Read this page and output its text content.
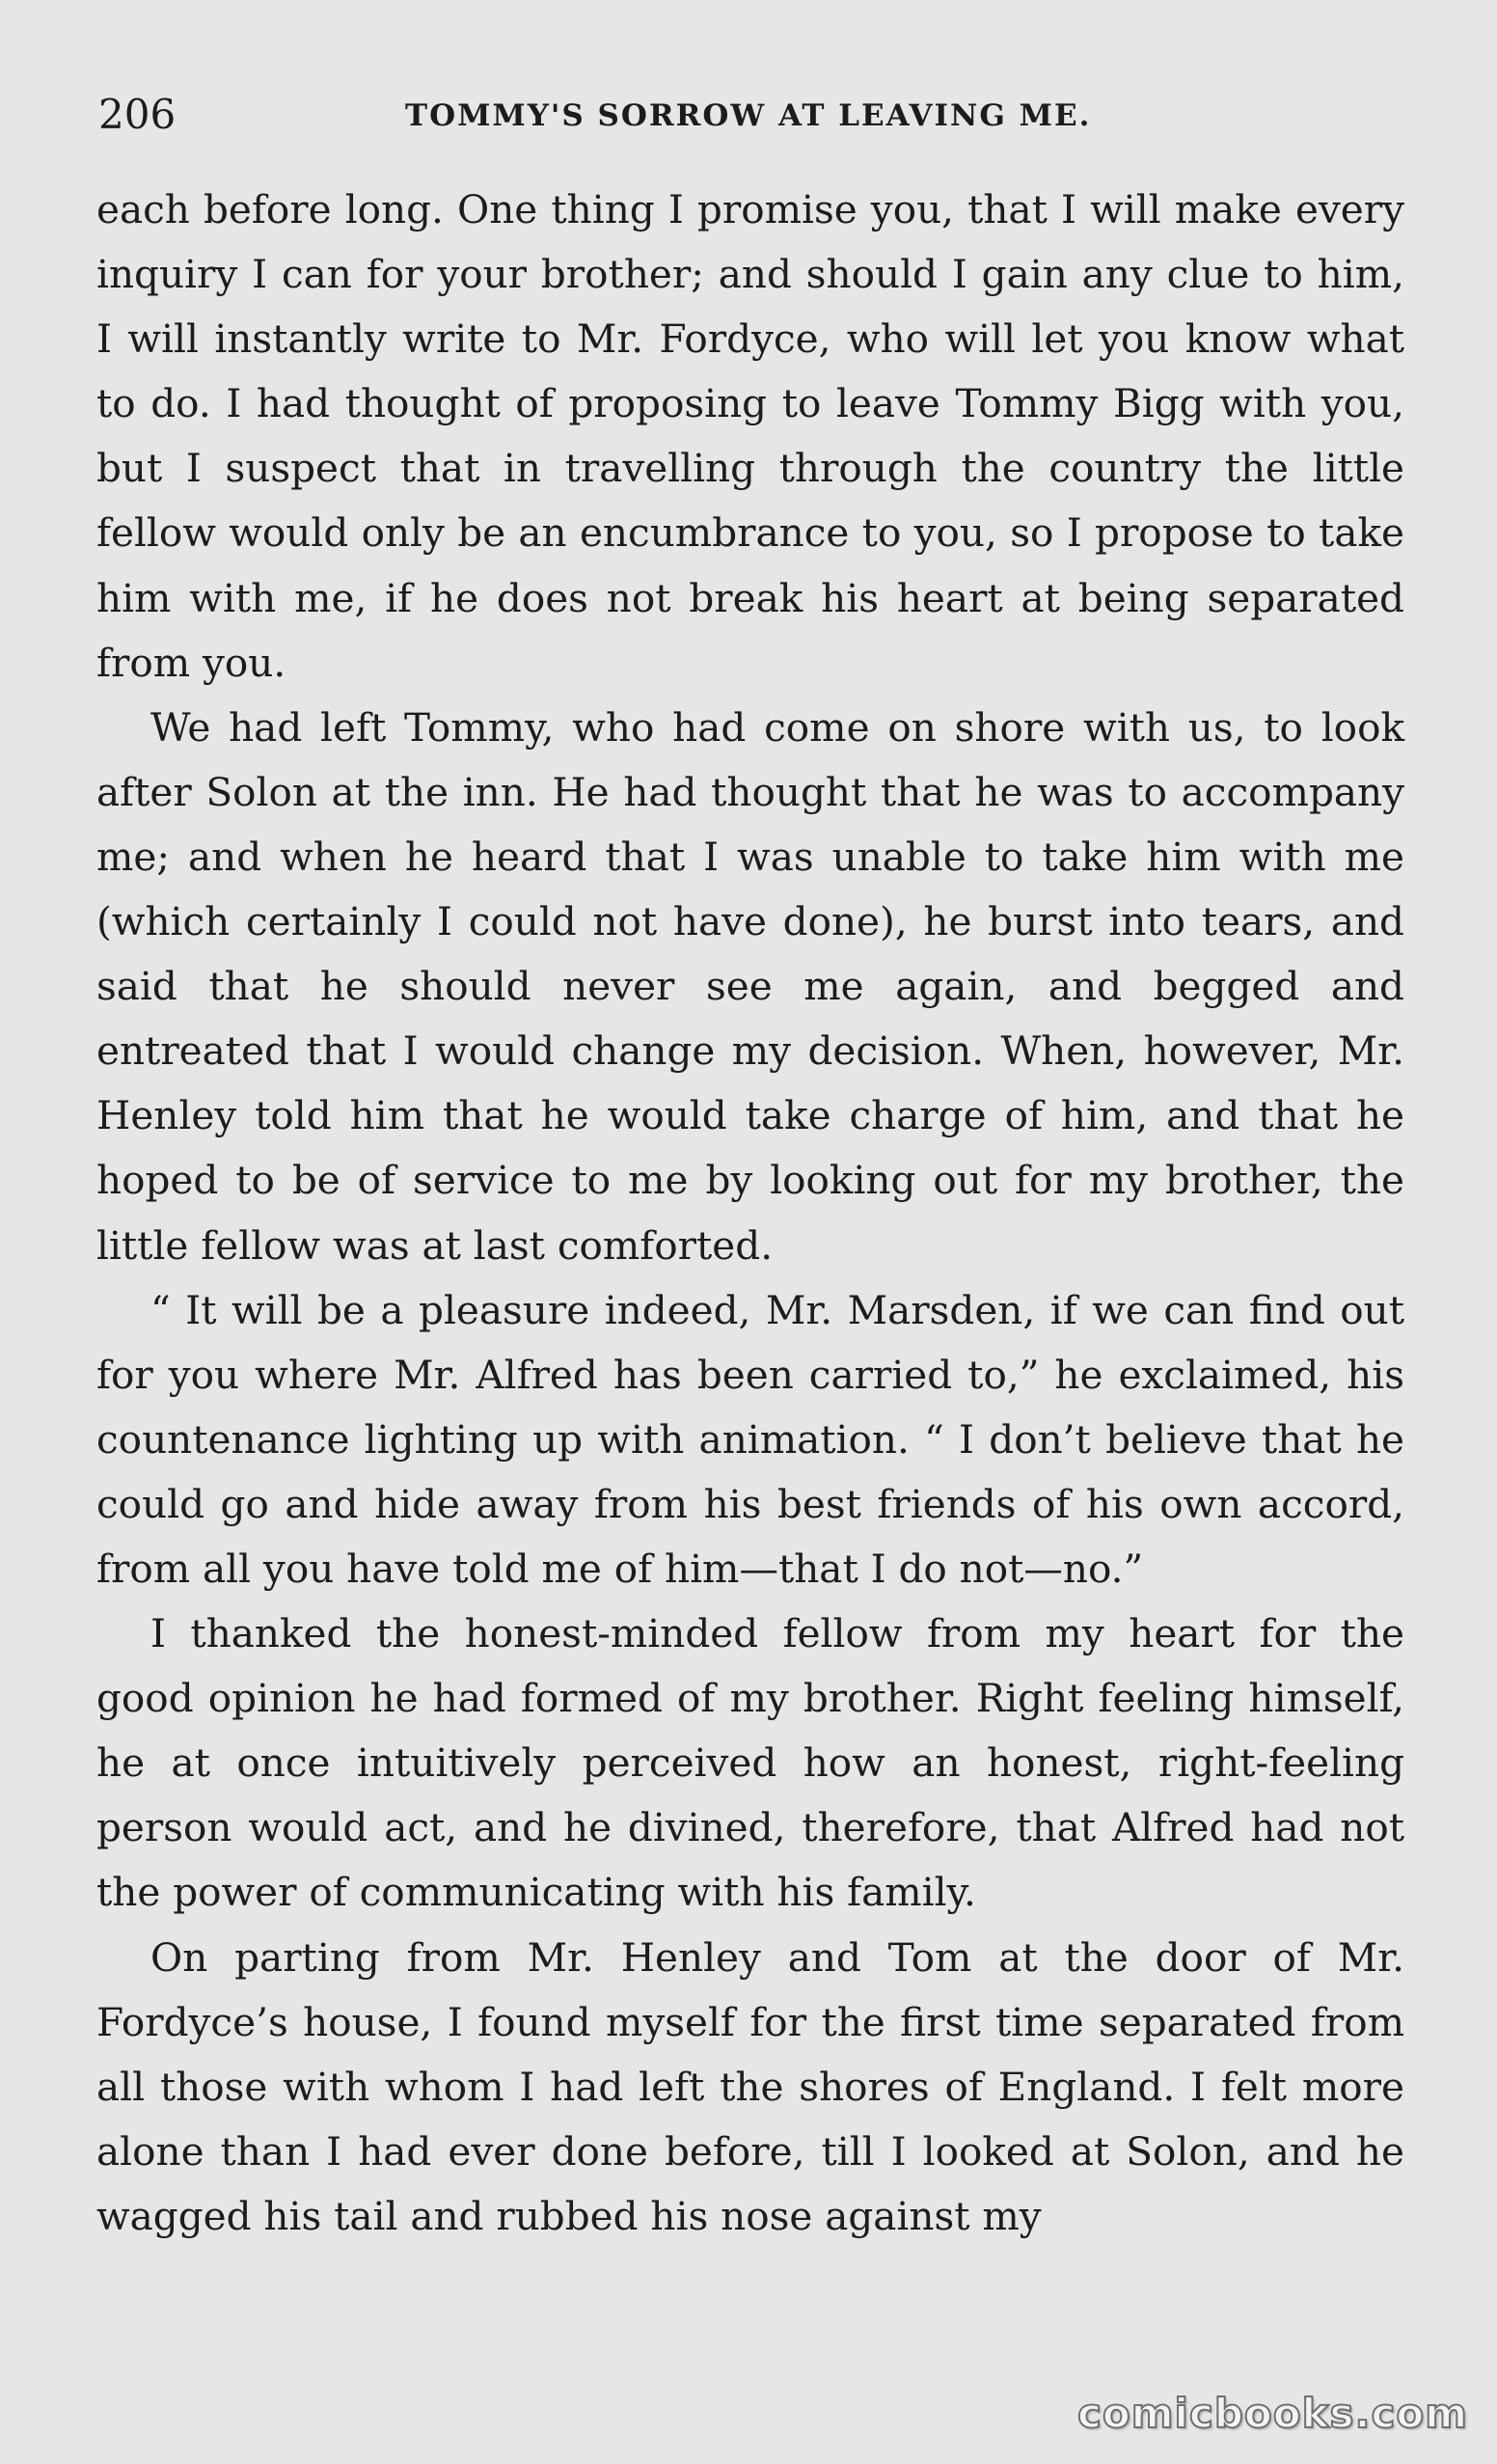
206	TOMMY'S SORROW AT LEAVING ME.

each before long. One thing I promise you, that I will make every inquiry I can for your brother; and should I gain any clue to him, I will instantly write to Mr. Fordyce, who will let you know what to do. I had thought of proposing to leave Tommy Bigg with you, but I suspect that in travelling through the country the little fellow would only be an encumbrance to you, so I propose to take him with me, if he does not break his heart at being separated from you.

We had left Tommy, who had come on shore with us, to look after Solon at the inn. He had thought that he was to accompany me; and when he heard that I was unable to take him with me (which certainly I could not have done), he burst into tears, and said that he should never see me again, and begged and entreated that I would change my decision. When, however, Mr. Henley told him that he would take charge of him, and that he hoped to be of service to me by looking out for my brother, the little fellow was at last comforted.

“ It will be a pleasure indeed, Mr. Marsden, if we can find out for you where Mr. Alfred has been carried to,” he exclaimed, his countenance lighting up with animation. “ I don’t believe that he could go and hide away from his best friends of his own accord, from all you have told me of him—that I do not—no.”

I thanked the honest-minded fellow from my heart for the good opinion he had formed of my brother. Right feeling himself, he at once intuitively perceived how an honest, right-feeling person would act, and he divined, therefore, that Alfred had not the power of communicating with his family.

On parting from Mr. Henley and Tom at the door of Mr. Fordyce’s house, I found myself for the first time separated from all those with whom I had left the shores of England. I felt more alone than I had ever done before, till I looked at Solon, and he wagged his tail and rubbed his nose against my

comicbooks.com
